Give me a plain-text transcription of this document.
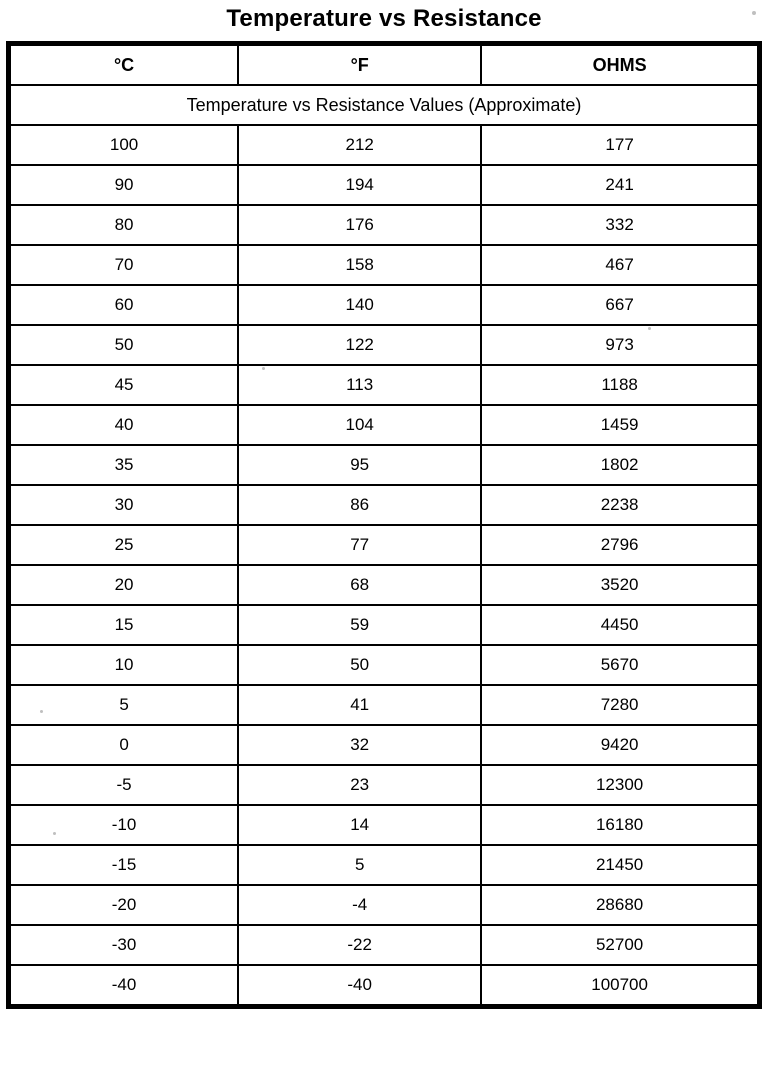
Temperature vs Resistance
°C	°F	OHMS
Temperature vs Resistance Values (Approximate)		
100	212	177
90	194	241
80	176	332
70	158	467
60	140	667
50	122	973
45	113	1188
40	104	1459
35	95	1802
30	86	2238
25	77	2796
20	68	3520
15	59	4450
10	50	5670
5	41	7280
0	32	9420
-5	23	12300
-10	14	16180
-15	5	21450
-20	-4	28680
-30	-22	52700
-40	-40	100700
